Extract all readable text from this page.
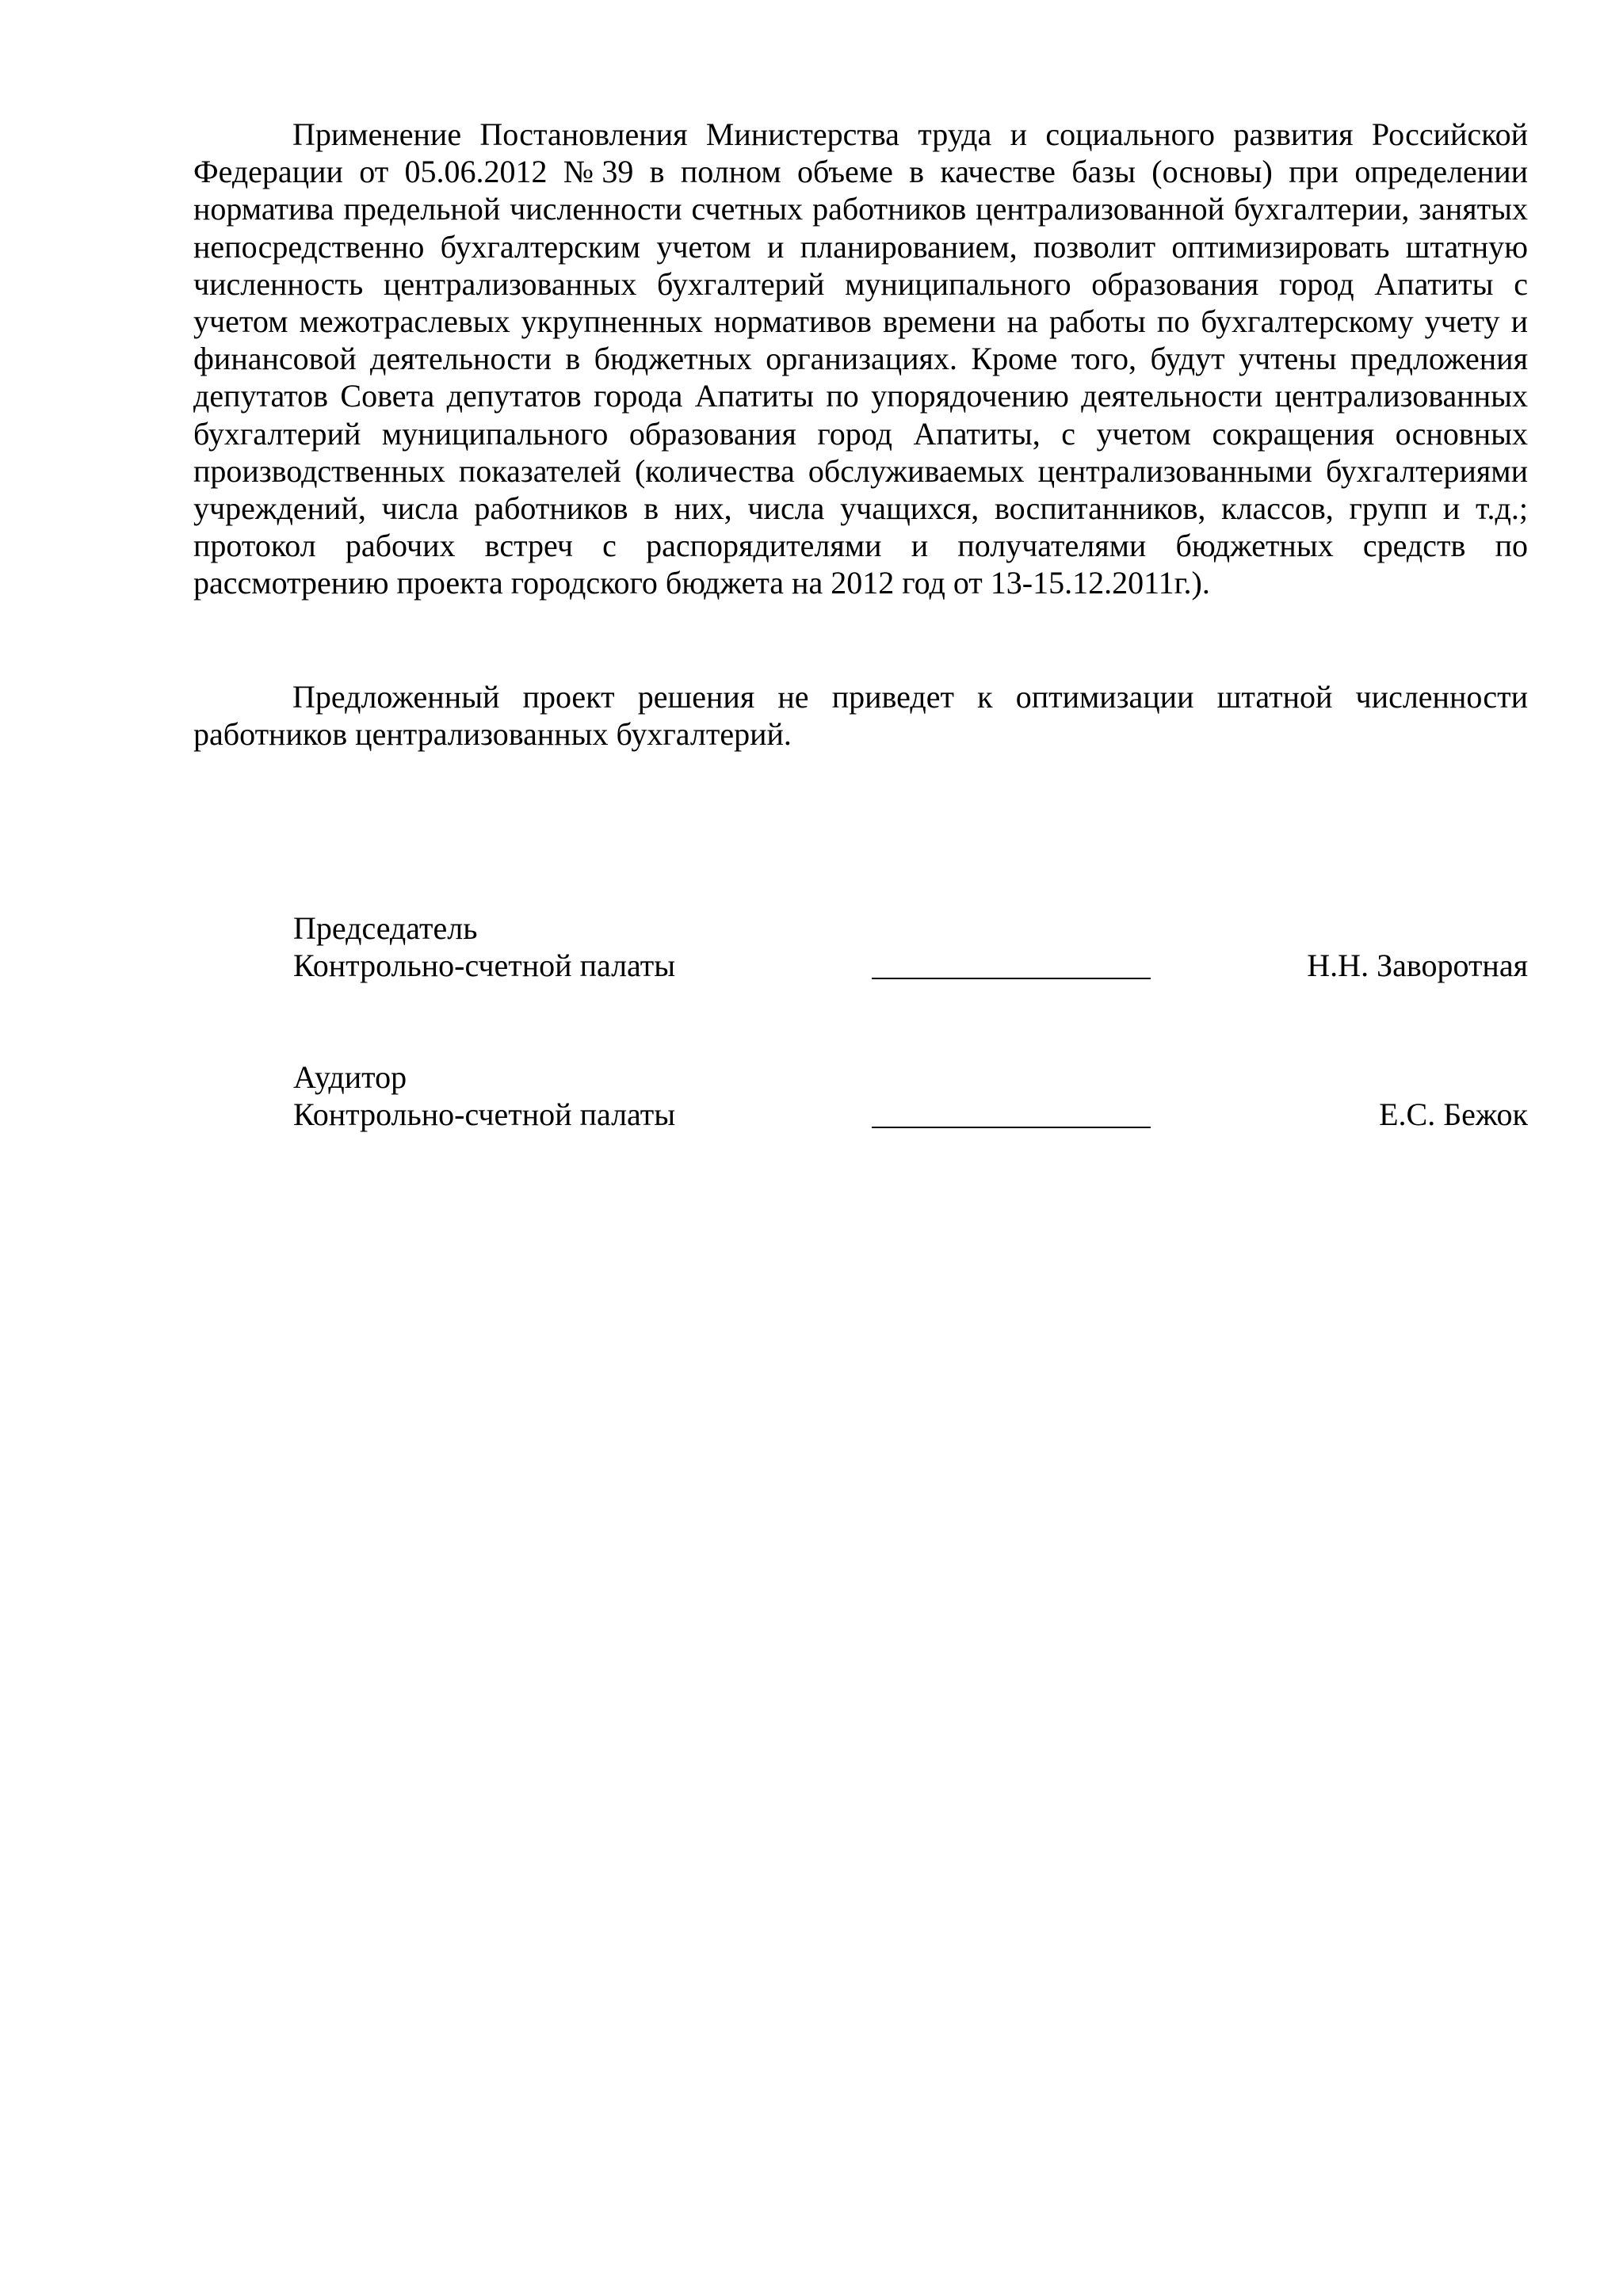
Применение Постановления Министерства труда и социального развития Российской Федерации от 05.06.2012 №39 в полном объеме в качестве базы (основы) при определении норматива предельной численности счетных работников централизованной бухгалтерии, занятых непосредственно бухгалтерским учетом и планированием, позволит оптимизировать штатную численность централизованных бухгалтерий муниципального образования город Апатиты с учетом межотраслевых укрупненных нормативов времени на работы по бухгалтерскому учету и финансовой деятельности в бюджетных организациях. Кроме того, будут учтены предложения депутатов Совета депутатов города Апатиты по упорядочению деятельности централизованных бухгалтерий муниципального образования город Апатиты, с учетом сокращения основных производственных показателей (количества обслуживаемых централизованными бухгалтериями учреждений, числа работников в них, числа учащихся, воспитанников, классов, групп и т.д.; протокол рабочих встреч с распорядителями и получателями бюджетных средств по рассмотрению проекта городского бюджета на 2012 год от 13-15.12.2011г.).

Предложенный проект решения не приведет к оптимизации штатной численности работников централизованных бухгалтерий.

Председатель
Контрольно-счетной палаты	Н.Н. Заворотная
Аудитор
Контрольно-счетной палаты	Е.С. Бежок
